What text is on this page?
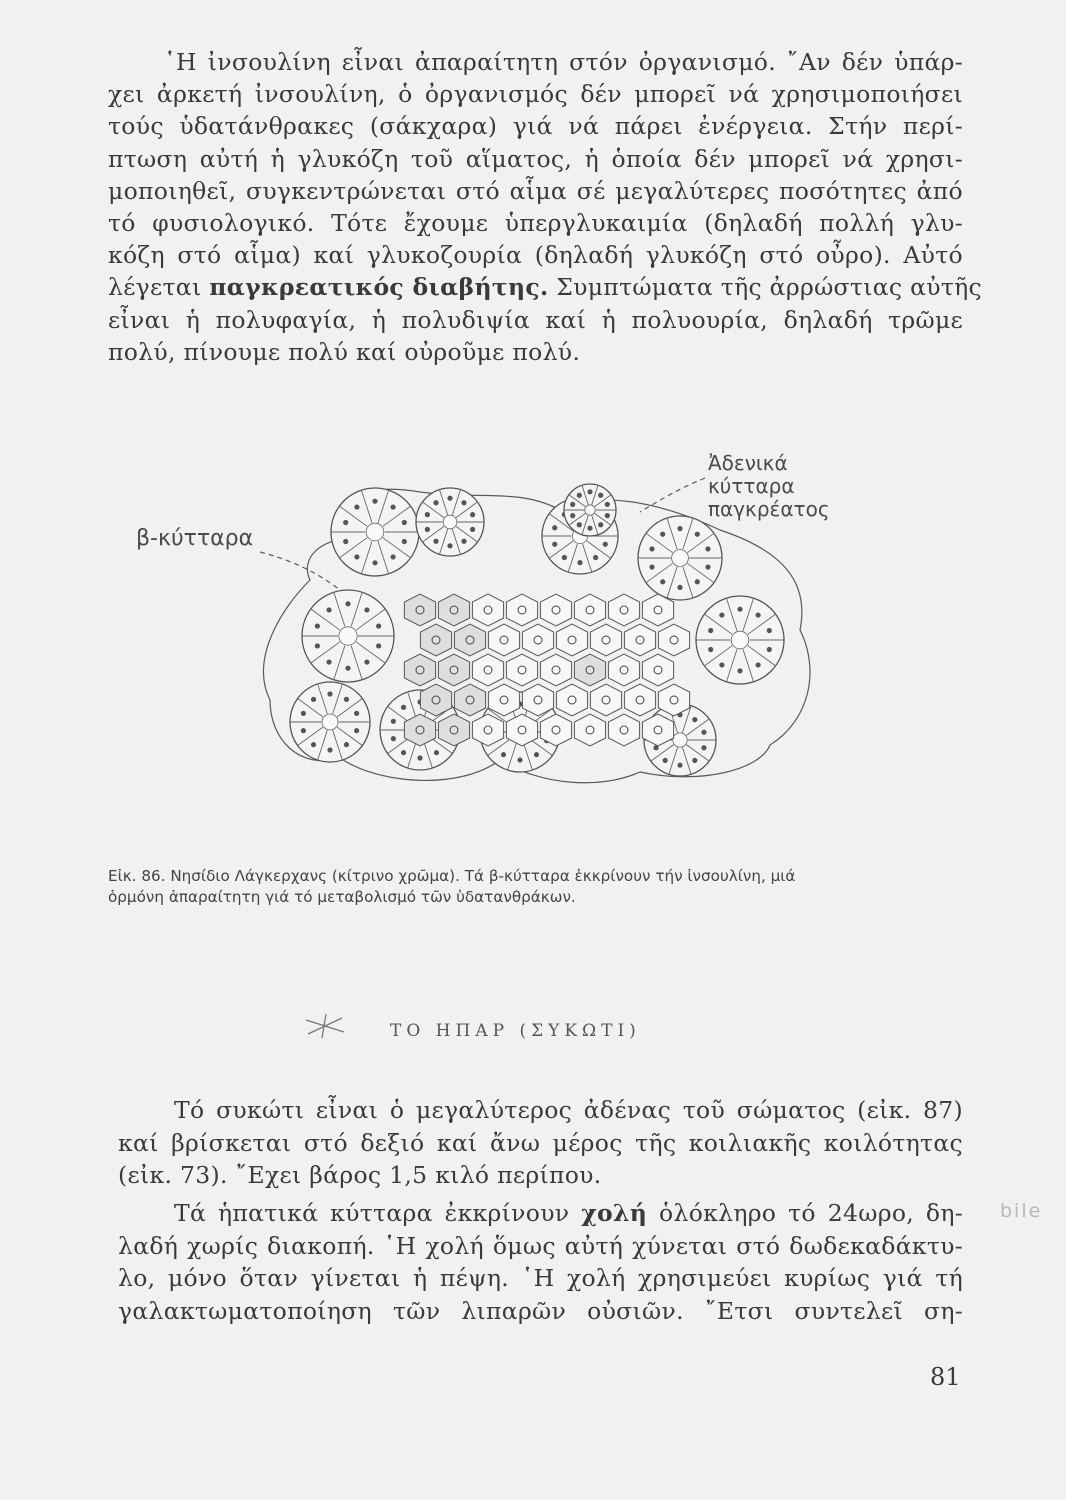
῾Η ἰνσουλίνη εἶναι ἀπαραίτητη στόν ὀργανισμό. ῎Αν δέν ὑπάρ-
χει ἀρκετή ἰνσουλίνη, ὁ ὀργανισμός δέν μπορεῖ νά χρησιμοποιήσει
τούς ὑδατάνθρακες (σάκχαρα) γιά νά πάρει ἐνέργεια. Στήν περί-
πτωση αὐτή ἡ γλυκόζη τοῦ αἵματος, ἡ ὁποία δέν μπορεῖ νά χρησι-
μοποιηθεῖ, συγκεντρώνεται στό αἷμα σέ μεγαλύτερες ποσότητες ἀπό
τό φυσιολογικό. Τότε ἔχουμε ὑπεργλυκαιμία (δηλαδή πολλή γλυ-
κόζη στό αἷμα) καί γλυκοζουρία (δηλαδή γλυκόζη στό οὖρο). Αὐτό
λέγεται παγκρεατικός διαβήτης. Συμπτώματα τῆς ἀρρώστιας αὐτῆς
εἶναι ἡ πολυφαγία, ἡ πολυδιψία καί ἡ πολυουρία, δηλαδή τρῶμε
πολύ, πίνουμε πολύ καί οὐροῦμε πολύ.

β-κύτταρα
Ἀδενικά
κύτταρα
παγκρέατος
Εἰκ. 86. Νησίδιο Λάγκερχανς (κίτρινο χρῶμα). Τά β-κύτταρα ἐκκρίνουν τήν ἰνσουλίνη, μιά
ὁρμόνη ἀπαραίτητη γιά τό μεταβολισμό τῶν ὑδατανθράκων.
ΤΟ ΗΠΑΡ (ΣΥΚΩΤΙ)

Τό συκώτι εἶναι ὁ μεγαλύτερος ἀδένας τοῦ σώματος (εἰκ. 87)
καί βρίσκεται στό δεξιό καί ἄνω μέρος τῆς κοιλιακῆς κοιλότητας
(εἰκ. 73). ῎Εχει βάρος 1,5 κιλό περίπου.

Τά ἡπατικά κύτταρα ἐκκρίνουν χολή ὁλόκληρο τό 24ωρο, δη-
λαδή χωρίς διακοπή. ῾Η χολή ὅμως αὐτή χύνεται στό δωδεκαδάκτυ-
λο, μόνο ὅταν γίνεται ἡ πέψη. ῾Η χολή χρησιμεύει κυρίως γιά τή
γαλακτωματοποίηση τῶν λιπαρῶν οὐσιῶν. ῎Ετσι συντελεῖ ση-

bile
81
